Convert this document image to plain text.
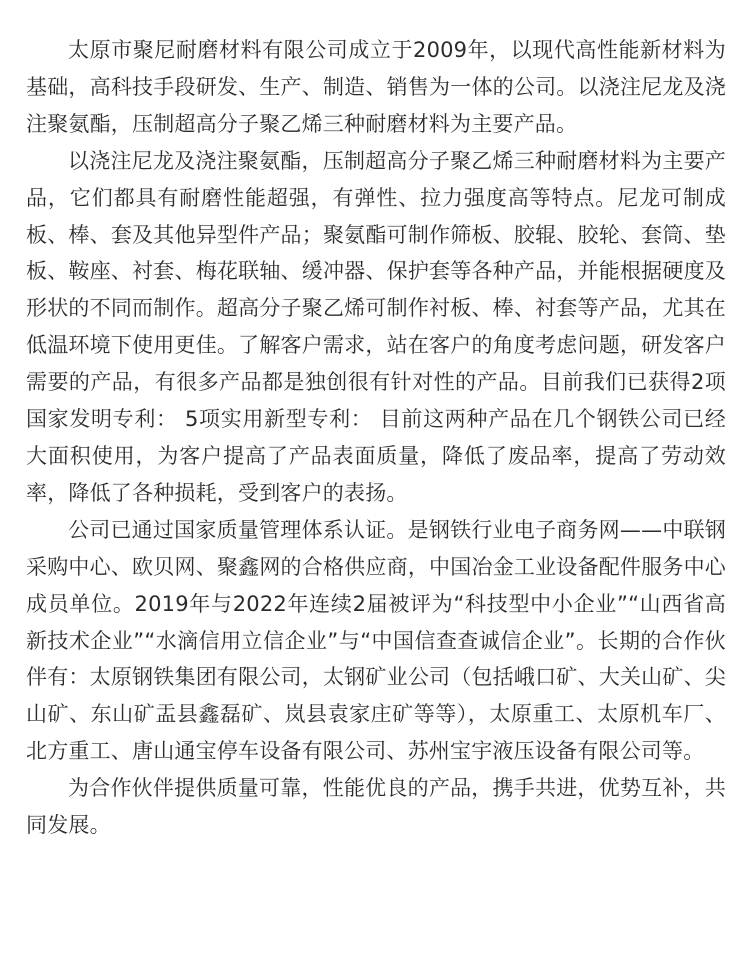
太原市聚尼耐磨材料有限公司成立于2009年，以现代高性能新材料为基础，高科技手段研发、生产、制造、销售为一体的公司。以浇注尼龙及浇注聚氨酯，压制超高分子聚乙烯三种耐磨材料为主要产品。

以浇注尼龙及浇注聚氨酯，压制超高分子聚乙烯三种耐磨材料为主要产品，它们都具有耐磨性能超强，有弹性、拉力强度高等特点。尼龙可制成板、棒、套及其他异型件产品；聚氨酯可制作筛板、胶辊、胶轮、套筒、垫板、鞍座、衬套、梅花联轴、缓冲器、保护套等各种产品，并能根据硬度及形状的不同而制作。超高分子聚乙烯可制作衬板、棒、衬套等产品，尤其在低温环境下使用更佳。了解客户需求，站在客户的角度考虑问题，研发客户需要的产品，有很多产品都是独创很有针对性的产品。目前我们已获得2项国家发明专利： 5项实用新型专利： 目前这两种产品在几个钢铁公司已经大面积使用，为客户提高了产品表面质量，降低了废品率，提高了劳动效率，降低了各种损耗，受到客户的表扬。

公司已通过国家质量管理体系认证。是钢铁行业电子商务网——中联钢采购中心、欧贝网、聚鑫网的合格供应商，中国冶金工业设备配件服务中心成员单位。2019年与2022年连续2届被评为“科技型中小企业”“山西省高新技术企业”“水滴信用立信企业”与“中国信查查诚信企业”。长期的合作伙伴有：太原钢铁集团有限公司，太钢矿业公司（包括峨口矿、大关山矿、尖山矿、东山矿盂县鑫磊矿、岚县袁家庄矿等等），太原重工、太原机车厂、北方重工、唐山通宝停车设备有限公司、苏州宝宇液压设备有限公司等。

为合作伙伴提供质量可靠，性能优良的产品，携手共进，优势互补，共同发展。
